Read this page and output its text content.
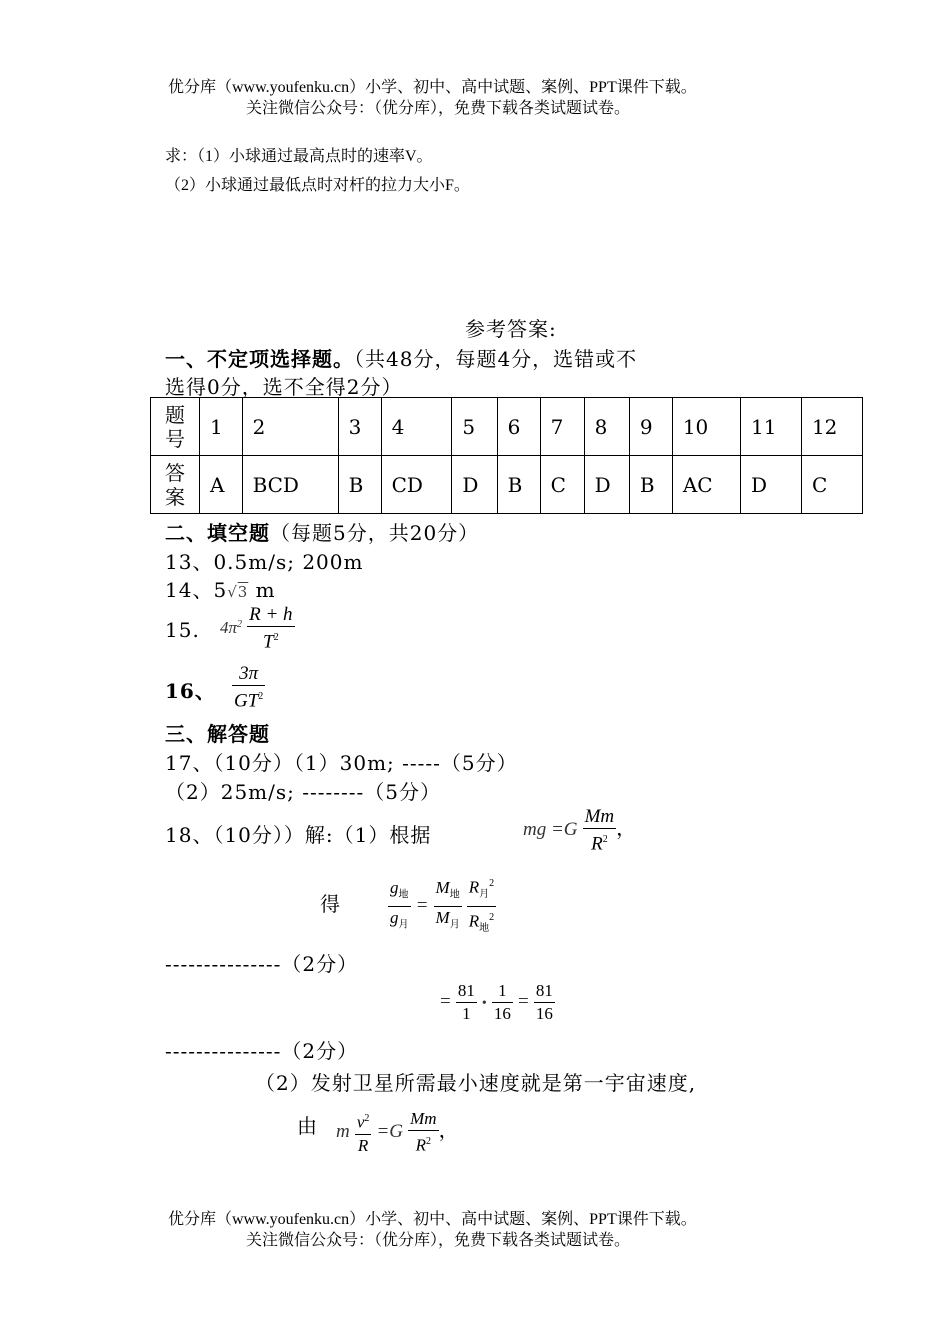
优分库（www.youfenku.cn）小学、初中、高中试题、案例、PPT课件下载。
关注微信公众号：（优分库），免费下载各类试题试卷。
求：（1）小球通过最高点时的速率V。
（2）小球通过最低点时对杆的拉力大小F。
参考答案:
一、不定项选择题。（共48分，每题4分，选错或不
选得0分，选不全得2分）
题号	1	2	3	4	5	6	7	8	9	10	11	12
答案	A	BCD	B	CD	D	B	C	D	B	AC	D	C
二、填空题（每题5分，共20分）
13、0.5m/s; 200m
14、5√3 m
15. $4\pi^2 \frac{R + h}{T^2}$
16、 $\frac{3\pi}{GT^2}$
三、解答题
17、（10分）（1）30m; -----（5分）
（2）25m/s; --------（5分）
18、（10分））解:（1）根据	mg $=G \frac{Mm}{R^2}$ ，
得	$\frac{g_地}{g_月} = \frac{M_地}{M_月}$
$\frac{R_月^2}{R_地^2}$
---------------（2分）
= $\frac{81}{1}$ • $\frac{1}{16} = \frac{81}{16}$
---------------（2分）
（2）发射卫星所需最小速度就是第一宇宙速度,
由 m $\frac{v^2}{R} =G \frac{Mm}{R^2}$ ，
优分库（www.youfenku.cn）小学、初中、高中试题、案例、PPT课件下载。
关注微信公众号：（优分库），免费下载各类试题试卷。
